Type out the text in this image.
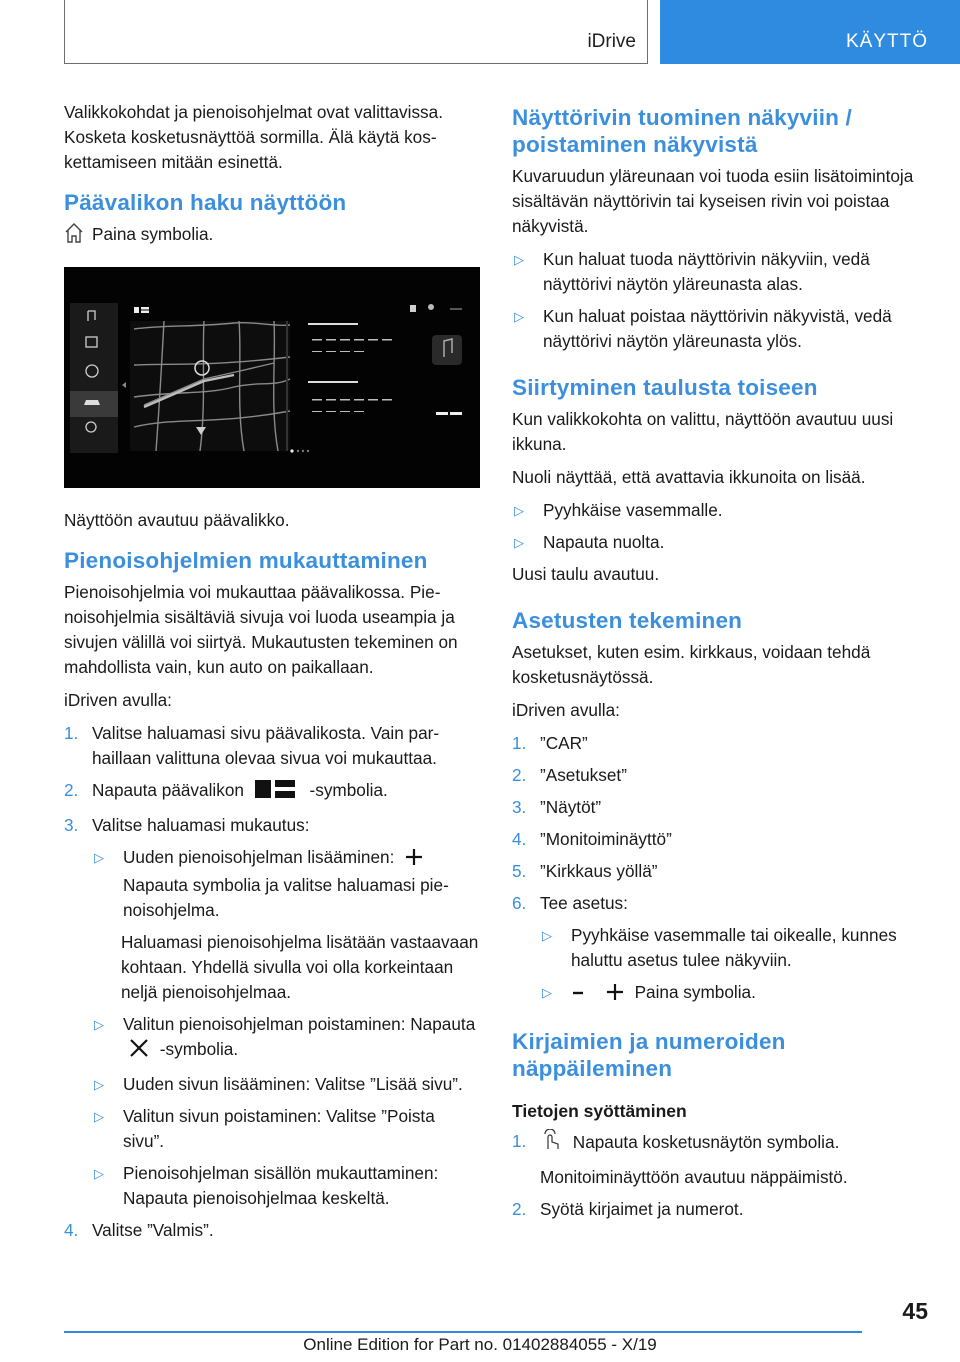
iDrive	KÄYTTÖ

Valikkokohdat ja pienoisohjelmat ovat valittavissa. Kosketa kosketusnäyttöä sormilla. Älä käytä koskettamiseen mitään esinettä.

Päävalikon haku näyttöön
Paina symbolia.

Näyttöön avautuu päävalikko.

Pienoisohjelmien mukauttaminen

Pienoisohjelmia voi mukauttaa päävalikossa. Pienoisohjelmia sisältäviä sivuja voi luoda useampia ja sivujen välillä voi siirtyä. Mukautusten tekeminen on mahdollista vain, kun auto on paikallaan.

iDriven avulla:

1. Valitse haluamasi sivu päävalikosta. Vain parhaillaan valittuna olevaa sivua voi mukauttaa.
2. Napauta päävalikon	-symbolia.
3. Valitse haluamasi mukautus:
▷	Uuden pienoisohjelman lisääminen:
Napauta symbolia ja valitse haluamasi pienoisohjelma.

Haluamasi pienoisohjelma lisätään vastaavaan kohtaan. Yhdellä sivulla voi olla korkeintaan neljä pienoisohjelmaa.

▷	Valitun pienoisohjelman poistaminen: Napauta  -symbolia.
▷	Uuden sivun lisääminen: Valitse ”Lisää sivu”.
▷	Valitun sivun poistaminen: Valitse ”Poista sivu”.
▷	Pienoisohjelman sisällön mukauttaminen: Napauta pienoisohjelmaa keskeltä.
4. Valitse ”Valmis”.
Näyttörivin tuominen näkyviin / poistaminen näkyvistä

Kuvaruudun yläreunaan voi tuoda esiin lisätoimintoja sisältävän näyttörivin tai kyseisen rivin voi poistaa näkyvistä.

▷	Kun haluat tuoda näyttörivin näkyviin, vedä näyttörivi näytön yläreunasta alas.
▷	Kun haluat poistaa näyttörivin näkyvistä, vedä näyttörivi näytön yläreunasta ylös.
Siirtyminen taulusta toiseen

Kun valikkokohta on valittu, näyttöön avautuu uusi ikkuna.

Nuoli näyttää, että avattavia ikkunoita on lisää.

▷	Pyyhkäise vasemmalle.
▷	Napauta nuolta.

Uusi taulu avautuu.

Asetusten tekeminen

Asetukset, kuten esim. kirkkaus, voidaan tehdä kosketusnäytössä.

iDriven avulla:

1. ”CAR”
2. ”Asetukset”
3. ”Näytöt”
4. ”Monitoiminäyttö”
5. ”Kirkkaus yöllä”
6. Tee asetus:
▷	Pyyhkäise vasemmalle tai oikealle, kunnes haluttu asetus tulee näkyviin.
▷	Paina symbolia.
Kirjaimien ja numeroiden näppäileminen
Tietojen syöttäminen
1.	Napauta kosketusnäytön symbolia.

Monitoiminäyttöön avautuu näppäimistö.

2. Syötä kirjaimet ja numerot.
45
Online Edition for Part no. 01402884055 - X/19
